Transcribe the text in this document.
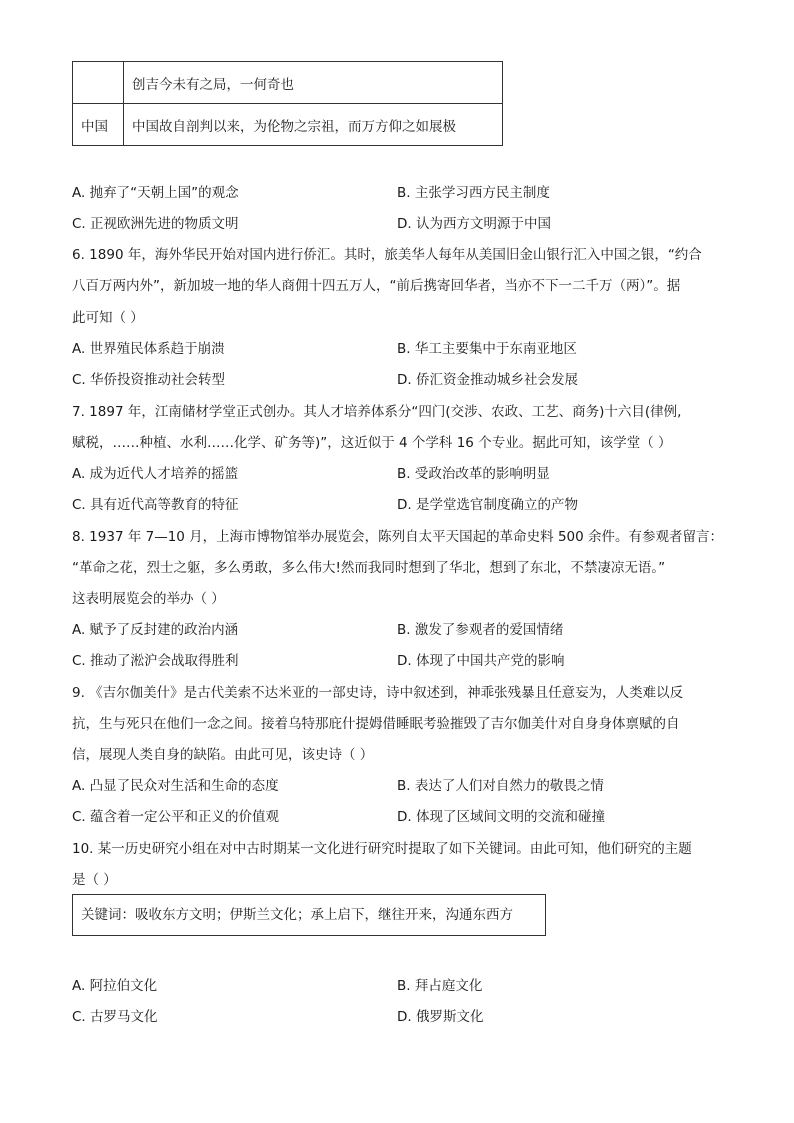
	创吉今未有之局，一何奇也
中国	中国故自剖判以来，为伦物之宗祖，而万方仰之如展极
A. 抛弃了“天朝上国”的观念	B. 主张学习西方民主制度
C. 正视欧洲先进的物质文明	D. 认为西方文明源于中国
6. 1890 年，海外华民开始对国内进行侨汇。其时，旅美华人每年从美国旧金山银行汇入中国之银，“约合
八百万两内外”，新加坡一地的华人商佣十四五万人，“前后携寄回华者，当亦不下一二千万（两）”。据
此可知（ ）
A. 世界殖民体系趋于崩溃	B. 华工主要集中于东南亚地区
C. 华侨投资推动社会转型	D. 侨汇资金推动城乡社会发展
7. 1897 年，江南储材学堂正式创办。其人才培养体系分“四门(交涉、农政、工艺、商务)十六目(律例,
赋税，……种植、水利……化学、矿务等)”，这近似于 4 个学科 16 个专业。据此可知，该学堂（ ）
A. 成为近代人才培养的摇篮	B. 受政治改革的影响明显
C. 具有近代高等教育的特征	D. 是学堂选官制度确立的产物
8. 1937 年 7—10 月，上海市博物馆举办展览会，陈列自太平天国起的革命史料 500 余件。有参观者留言：
“革命之花，烈士之躯，多么勇敢，多么伟大!然而我同时想到了华北，想到了东北，不禁凄凉无语。”
这表明展览会的举办（ ）
A. 赋予了反封建的政治内涵	B. 激发了参观者的爱国情绪
C. 推动了淞沪会战取得胜利	D. 体现了中国共产党的影响
9. 《吉尔伽美什》是古代美索不达米亚的一部史诗，诗中叙述到，神乖张残暴且任意妄为，人类难以反
抗，生与死只在他们一念之间。接着乌特那庇什提姆借睡眠考验摧毁了吉尔伽美什对自身身体禀赋的自
信，展现人类自身的缺陷。由此可见，该史诗（ ）
A. 凸显了民众对生活和生命的态度	B. 表达了人们对自然力的敬畏之情
C. 蕴含着一定公平和正义的价值观	D. 体现了区域间文明的交流和碰撞
10. 某一历史研究小组在对中古时期某一文化进行研究时提取了如下关键词。由此可知，他们研究的主题
是（ ）
关键词：吸收东方文明；伊斯兰文化；承上启下，继往开来，沟通东西方
A. 阿拉伯文化	B. 拜占庭文化
C. 古罗马文化	D. 俄罗斯文化
